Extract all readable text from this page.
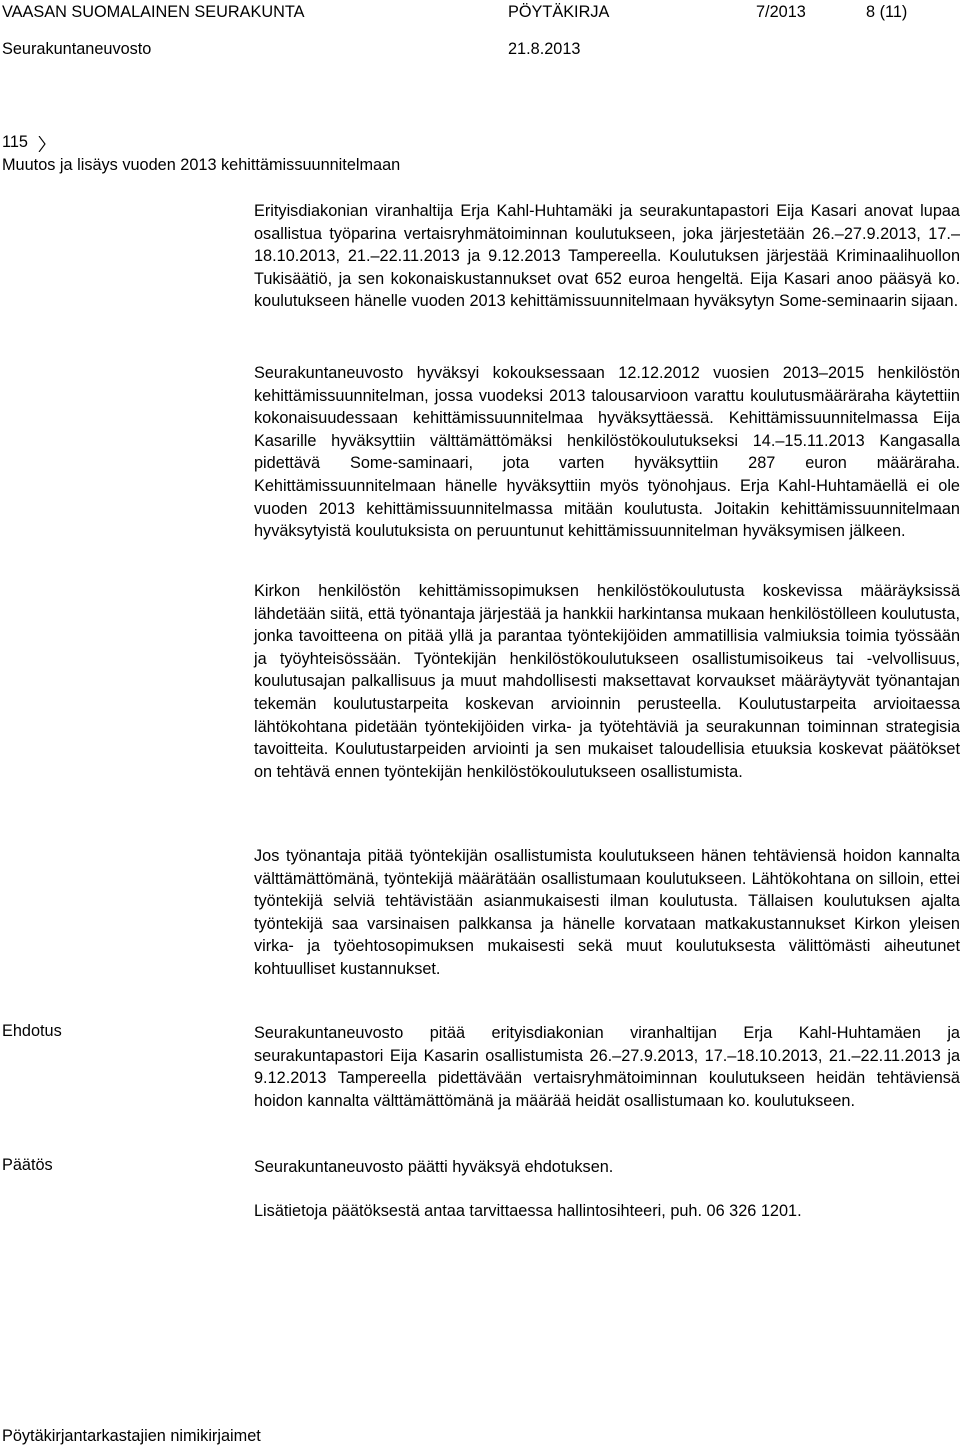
VAASAN SUOMALAINEN SEURAKUNTA	PÖYTÄKIRJA	7/2013	8 (11)
Seurakuntaneuvosto	21.8.2013
115
Muutos ja lisäys vuoden 2013 kehittämissuunnitelmaan

Erityisdiakonian viranhaltija Erja Kahl-Huhtamäki ja seurakuntapastori Eija Kasari anovat lupaa osallistua työparina vertaisryhmätoiminnan koulutukseen, joka järjestetään 26.–27.9.2013, 17.–18.10.2013, 21.–22.11.2013 ja 9.12.2013 Tampereella. Koulutuksen järjestää Kriminaalihuollon Tukisäätiö, ja sen kokonaiskustannukset ovat 652 euroa hengeltä. Eija Kasari anoo pääsyä ko. koulutukseen hänelle vuoden 2013 kehittämissuunnitelmaan hyväksytyn Some-seminaarin sijaan.

Seurakuntaneuvosto hyväksyi kokouksessaan 12.12.2012 vuosien 2013–2015 henkilöstön kehittämissuunnitelman, jossa vuodeksi 2013 talousarvioon varattu koulutusmääräraha käytettiin kokonaisuudessaan kehittämissuunnitelmaa hyväksyttäessä. Kehittämissuunnitelmassa Eija Kasarille hyväksyttiin välttämättömäksi henkilöstökoulutukseksi 14.–15.11.2013 Kangasalla pidettävä Some-saminaari, jota varten hyväksyttiin 287 euron määräraha. Kehittämissuunnitelmaan hänelle hyväksyttiin myös työnohjaus. Erja Kahl-Huhtamäellä ei ole vuoden 2013 kehittämissuunnitelmassa mitään koulutusta. Joitakin kehittämissuunnitelmaan hyväksytyistä koulutuksista on peruuntunut kehittämissuunnitelman hyväksymisen jälkeen.

Kirkon henkilöstön kehittämissopimuksen henkilöstökoulutusta koskevissa määräyksissä lähdetään siitä, että työnantaja järjestää ja hankkii harkintansa mukaan henkilöstölleen koulutusta, jonka tavoitteena on pitää yllä ja parantaa työntekijöiden ammatillisia valmiuksia toimia työssään ja työyhteisössään. Työntekijän henkilöstökoulutukseen osallistumisoikeus tai -velvollisuus, koulutusajan palkallisuus ja muut mahdollisesti maksettavat korvaukset määräytyvät työnantajan tekemän koulutustarpeita koskevan arvioinnin perusteella. Koulutustarpeita arvioitaessa lähtökohtana pidetään työntekijöiden virka- ja työtehtäviä ja seurakunnan toiminnan strategisia tavoitteita. Koulutustarpeiden arviointi ja sen mukaiset taloudellisia etuuksia koskevat päätökset on tehtävä ennen työntekijän henkilöstökoulutukseen osallistumista.

Jos työnantaja pitää työntekijän osallistumista koulutukseen hänen tehtäviensä hoidon kannalta välttämättömänä, työntekijä määrätään osallistumaan koulutukseen. Lähtökohtana on silloin, ettei työntekijä selviä tehtävistään asianmukaisesti ilman koulutusta. Tällaisen koulutuksen ajalta työntekijä saa varsinaisen palkkansa ja hänelle korvataan matkakustannukset Kirkon yleisen virka- ja työehtosopimuksen mukaisesti sekä muut koulutuksesta välittömästi aiheutunet kohtuulliset kustannukset.

Ehdotus	Seurakuntaneuvosto pitää erityisdiakonian viranhaltijan Erja Kahl-Huhtamäen ja seurakuntapastori Eija Kasarin osallistumista 26.–27.9.2013, 17.–18.10.2013, 21.–22.11.2013 ja 9.12.2013 Tampereella pidettävään vertaisryhmätoiminnan koulutukseen heidän tehtäviensä hoidon kannalta välttämättömänä ja määrää heidät osallistumaan ko. koulutukseen.

Päätös	Seurakuntaneuvosto päätti hyväksyä ehdotuksen.

Lisätietoja päätöksestä antaa tarvittaessa hallintosihteeri, puh. 06 326 1201.

Pöytäkirjantarkastajien nimikirjaimet
